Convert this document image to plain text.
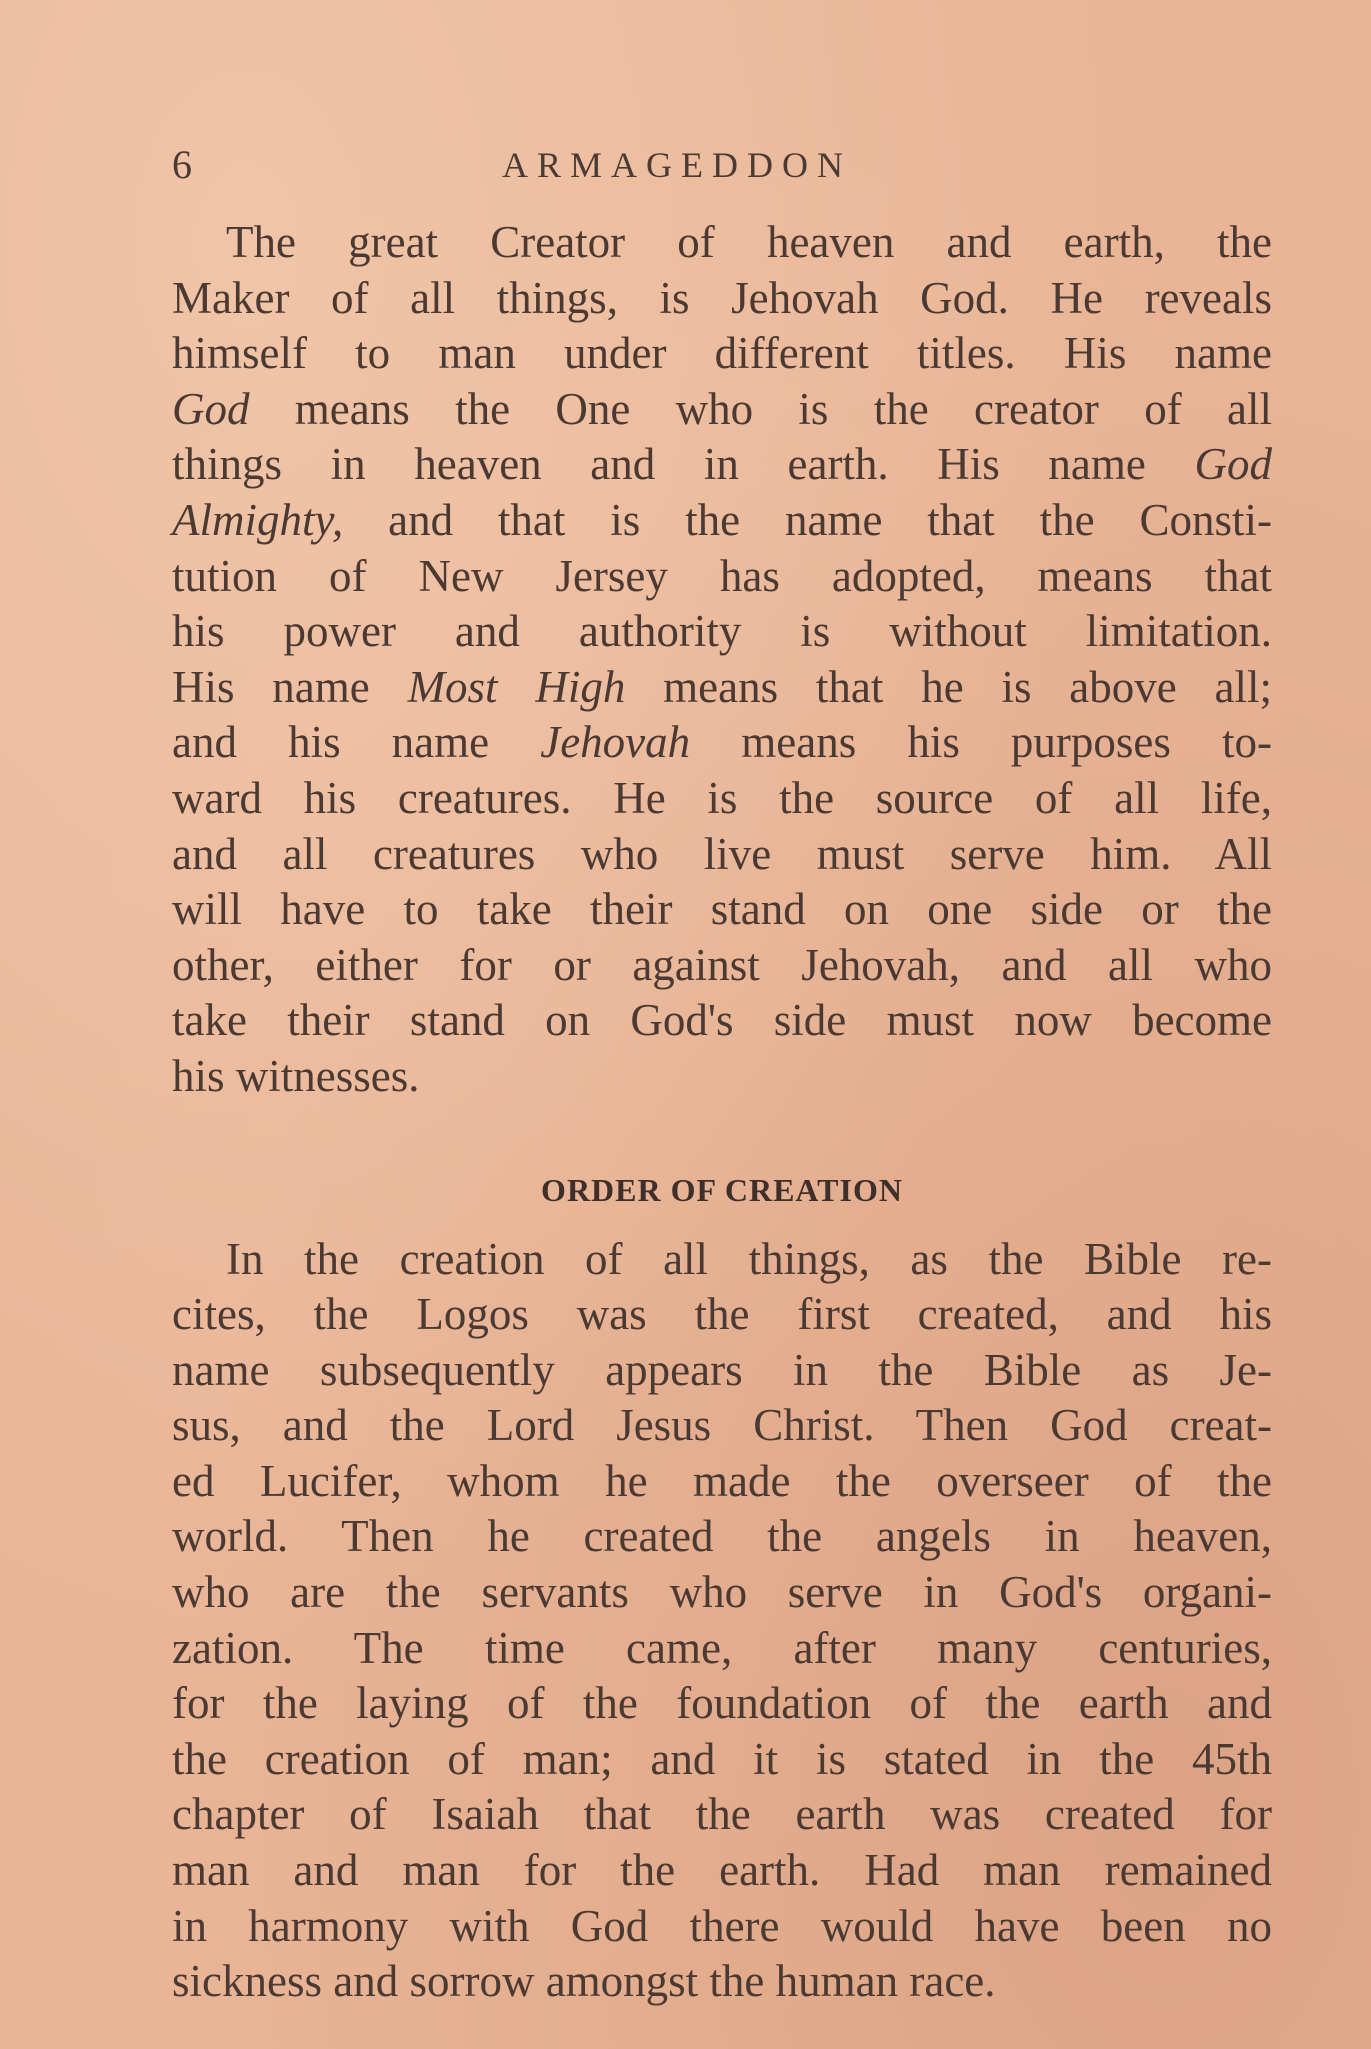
6	ARMAGEDDON
The great Creator of heaven and earth, the
Maker of all things, is Jehovah God. He reveals
himself to man under different titles. His name
God means the One who is the creator of all
things in heaven and in earth. His name God
Almighty, and that is the name that the Consti-
tution of New Jersey has adopted, means that
his power and authority is without limitation.
His name Most High means that he is above all;
and his name Jehovah means his purposes to-
ward his creatures. He is the source of all life,
and all creatures who live must serve him. All
will have to take their stand on one side or the
other, either for or against Jehovah, and all who
take their stand on God's side must now become
his witnesses.
ORDER OF CREATION
In the creation of all things, as the Bible re-
cites, the Logos was the first created, and his
name subsequently appears in the Bible as Je-
sus, and the Lord Jesus Christ. Then God creat-
ed Lucifer, whom he made the overseer of the
world. Then he created the angels in heaven,
who are the servants who serve in God's organi-
zation. The time came, after many centuries,
for the laying of the foundation of the earth and
the creation of man; and it is stated in the 45th
chapter of Isaiah that the earth was created for
man and man for the earth. Had man remained
in harmony with God there would have been no
sickness and sorrow amongst the human race.
